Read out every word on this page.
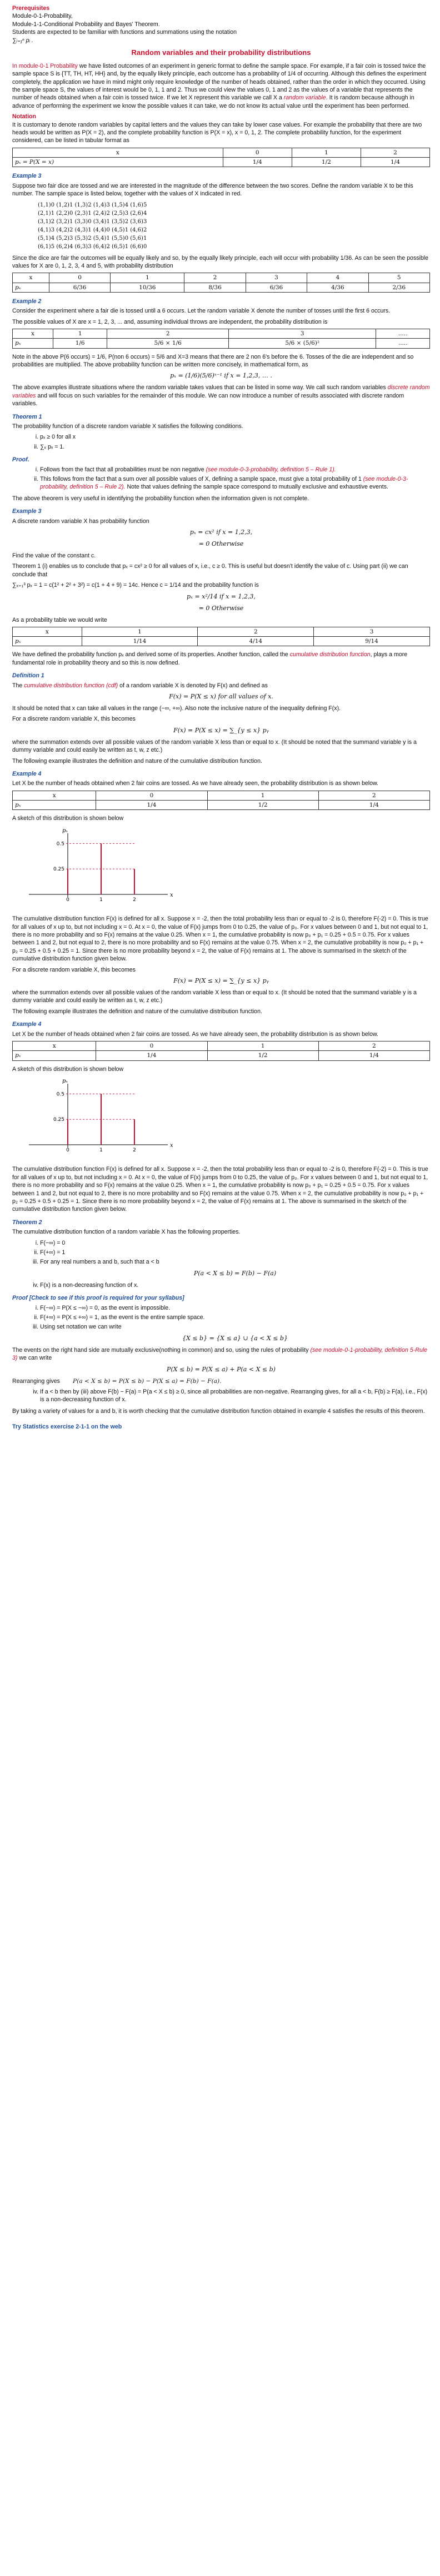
Prerequisites

Module-0-1-Probability,

Module-1-1-Conditional Probability and Bayes' Theorem.

Students are expected to be familiar with functions and summations using the notation

∑ᵢ₌₁ⁿ pᵢ .

Random variables and their probability distributions

In module-0-1 Probability we have listed outcomes of an experiment in generic format to define the sample space. For example, if a fair coin is tossed twice the sample space S is {TT, TH, HT, HH} and, by the equally likely principle, each outcome has a probability of 1/4 of occurring. Although this defines the experiment completely, the application we have in mind might only require knowledge of the number of heads obtained, rather than the order in which they occurred. Using the sample space S, the values of interest would be 0, 1, 1 and 2. Thus we could view the values 0, 1 and 2 as the values of a variable that represents the number of heads obtained when a fair coin is tossed twice. If we let X represent this variable we call X a random variable. It is random because although in advance of performing the experiment we know the possible values it can take, we do not know its actual value until the experiment has been performed.

Notation

It is customary to denote random variables by capital letters and the values they can take by lower case values. For example the probability that there are two heads would be written as P(X = 2), and the complete probability function is P(X = x), x = 0, 1, 2. The complete probability function, for the experiment considered, can be listed in tabular format as

x	0	1	2
pₓ = P(X = x)	1/4	1/2	1/4
Example 3

Suppose two fair dice are tossed and we are interested in the magnitude of the difference between the two scores. Define the random variable X to be this number. The sample space is listed below, together with the values of X indicated in red.

(1,1)0 (1,2)1 (1,3)2 (1,4)3 (1,5)4 (1,6)5
(2,1)1 (2,2)0 (2,3)1 (2,4)2 (2,5)3 (2,6)4
(3,1)2 (3,2)1 (3,3)0 (3,4)1 (3,5)2 (3,6)3
(4,1)3 (4,2)2 (4,3)1 (4,4)0 (4,5)1 (4,6)2
(5,1)4 (5,2)3 (5,3)2 (5,4)1 (5,5)0 (5,6)1
(6,1)5 (6,2)4 (6,3)3 (6,4)2 (6,5)1 (6,6)0

Since the dice are fair the outcomes will be equally likely and so, by the equally likely principle, each will occur with probability 1/36. As can be seen the possible values for X are 0, 1, 2, 3, 4 and 5, with probability distribution

x	0	1	2	3	4	5
pₓ	6/36	10/36	8/36	6/36	4/36	2/36
Example 2

Consider the experiment where a fair die is tossed until a 6 occurs. Let the random variable X denote the number of tosses until the first 6 occurs.

The possible values of X are x = 1, 2, 3, ... and, assuming individual throws are independent, the probability distribution is

x	1	2	3	.....
pₓ	1/6	5/6 × 1/6	5/6 × (5/6)²	.....

Note in the above P(6 occurs) = 1/6, P(non 6 occurs) = 5/6 and X=3 means that there are 2 non 6's before the 6. Tosses of the die are independent and so probabilities are multiplied. The above probability function can be written more concisely, in mathematical form, as

pₓ = (1/6)(5/6)ˣ⁻¹ if x = 1,2,3, … .

The above examples illustrate situations where the random variable takes values that can be listed in some way. We call such random variables discrete random variables and will focus on such variables for the remainder of this module. We can now introduce a number of results associated with discrete random variables.

Theorem 1

The probability function of a discrete random variable X satisfies the following conditions.

i. pₓ ≥ 0 for all x
ii. ∑ₓ pₓ = 1.
Proof.
i. Follows from the fact that all probabilities must be non negative (see module-0-3-probability, definition 5 – Rule 1).
ii. This follows from the fact that a sum over all possible values of X, defining a sample space, must give a total probability of 1 (see module-0-3-probability, definition 5 – Rule 2). Note that values defining the sample space correspond to mutually exclusive and exhaustive events.

The above theorem is very useful in identifying the probability function when the information given is not complete.

Example 3

A discrete random variable X has probability function

pₓ = cx² if x = 1,2,3,
= 0 Otherwise

Find the value of the constant c.

Theorem 1 (i) enables us to conclude that pₓ = cx² ≥ 0 for all values of x, i.e., c ≥ 0. This is useful but doesn't identify the value of c. Using part (ii) we can conclude that

∑ₓ₌₁³ pₓ = 1 = c(1² + 2² + 3²) = c(1 + 4 + 9) = 14c. Hence c = 1/14 and the probability function is

pₓ = x²/14 if x = 1,2,3,
= 0 Otherwise

As a probability table we would write

x	1	2	3
pₓ	1/14	4/14	9/14

We have defined the probability function pₓ and derived some of its properties. Another function, called the cumulative distribution function, plays a more fundamental role in probability theory and so this is now defined.

Definition 1

The cumulative distribution function (cdf) of a random variable X is denoted by F(x) and defined as

F(x) = P(X ≤ x) for all values of x.

It should be noted that x can take all values in the range (−∞, +∞). Also note the inclusive nature of the inequality defining F(x).

For a discrete random variable X, this becomes

F(x) = P(X ≤ x) = ∑_{y ≤ x} pᵧ

where the summation extends over all possible values of the random variable X less than or equal to x. (It should be noted that the summand variable y is a dummy variable and could easily be written as t, w, z etc.)

The following example illustrates the definition and nature of the cumulative distribution function.

Example 4

Let X be the number of heads obtained when 2 fair coins are tossed. As we have already seen, the probability distribution is as shown below.

x	0	1	2
pₓ	1/4	1/2	1/4

A sketch of this distribution is shown below

pₓ
x
0.25
0.5
0	1	2

The cumulative distribution function F(x) is defined for all x. Suppose x = -2, then the total probability less than or equal to -2 is 0, therefore F(-2) = 0. This is true for all values of x up to, but not including x = 0. At x = 0, the value of F(x) jumps from 0 to 0.25, the value of p₀. For x values between 0 and 1, but not equal to 1, there is no more probability and so F(x) remains at the value 0.25. When x = 1, the cumulative probability is now p₀ + p₁ = 0.25 + 0.5 = 0.75. For x values between 1 and 2, but not equal to 2, there is no more probability and so F(x) remains at the value 0.75. When x = 2, the cumulative probability is now p₀ + p₁ + p₂ = 0.25 + 0.5 + 0.25 = 1. Since there is no more probability beyond x = 2, the value of F(x) remains at 1. The above is summarised in the sketch of the cumulative distribution function given below.

For a discrete random variable X, this becomes

F(x) = P(X ≤ x) = ∑_{y ≤ x} pᵧ

where the summation extends over all possible values of the random variable X less than or equal to x. (It should be noted that the summand variable y is a dummy variable and could easily be written as t, w, z etc.)

The following example illustrates the definition and nature of the cumulative distribution function.

Example 4

Let X be the number of heads obtained when 2 fair coins are tossed. As we have already seen, the probability distribution is as shown below.

x	0	1	2
pₓ	1/4	1/2	1/4

A sketch of this distribution is shown below

pₓ
x
0.25
0.5
0	1	2

The cumulative distribution function F(x) is defined for all x. Suppose x = -2, then the total probability less than or equal to -2 is 0, therefore F(-2) = 0. This is true for all values of x up to, but not including x = 0. At x = 0, the value of F(x) jumps from 0 to 0.25, the value of p₀. For x values between 0 and 1, but not equal to 1, there is no more probability and so F(x) remains at the value 0.25. When x = 1, the cumulative probability is now p₀ + p₁ = 0.25 + 0.5 = 0.75. For x values between 1 and 2, but not equal to 2, there is no more probability and so F(x) remains at the value 0.75. When x = 2, the cumulative probability is now p₀ + p₁ + p₂ = 0.25 + 0.5 + 0.25 = 1. Since there is no more probability beyond x = 2, the value of F(x) remains at 1. The above is summarised in the sketch of the cumulative distribution function given below.

Theorem 2

The cumulative distribution function of a random variable X has the following properties.

i. F(−∞) = 0
ii. F(+∞) = 1
iii. For any real numbers a and b, such that a < b
P(a < X ≤ b) = F(b) − F(a)
iv. F(x) is a non-decreasing function of x.
Proof [Check to see if this proof is required for your syllabus]
i. F(−∞) = P(X ≤ −∞) = 0, as the event is impossible.
ii. F(+∞) = P(X ≤ +∞) = 1, as the event is the entire sample space.
iii. Using set notation we can write
{X ≤ b} = {X ≤ a} ∪ {a < X ≤ b}

The events on the right hand side are mutually exclusive(nothing in common) and so, using the rules of probability (see module-0-1-probability, definition 5-Rule 3) we can write

P(X ≤ b) = P(X ≤ a) + P(a < X ≤ b)

Rearranging gives P(a < X ≤ b) = P(X ≤ b) − P(X ≤ a) = F(b) − F(a).

iv. If a < b then by (iii) above F(b) − F(a) = P(a < X ≤ b) ≥ 0, since all probabilities are non-negative. Rearranging gives, for all a < b, F(b) ≥ F(a), i.e., F(x) is a non-decreasing function of x.

By taking a variety of values for a and b, it is worth checking that the cumulative distribution function obtained in example 4 satisfies the results of this theorem.

Try Statistics exercise 2-1-1 on the web
